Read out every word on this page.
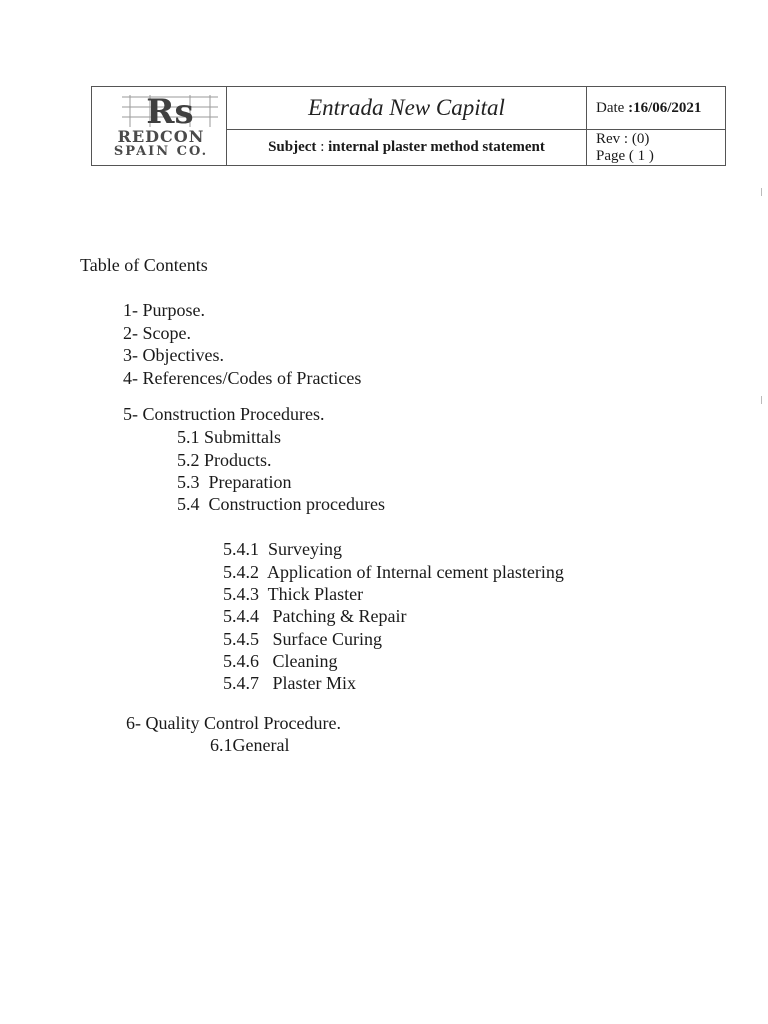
Rs
REDCON
SPAIN CO.
Entrada New Capital
Subject : internal plaster method statement
Date :16/06/2021
Rev : (0)
Page ( 1 )
Table of Contents
1- Purpose.
2- Scope.
3- Objectives.
4- References/Codes of Practices
5- Construction Procedures.
5.1 Submittals
5.2 Products.
5.3  Preparation
5.4  Construction procedures
5.4.1  Surveying
5.4.2  Application of Internal cement plastering
5.4.3  Thick Plaster
5.4.4   Patching & Repair
5.4.5   Surface Curing
5.4.6   Cleaning
5.4.7   Plaster Mix
6- Quality Control Procedure.
6.1General
